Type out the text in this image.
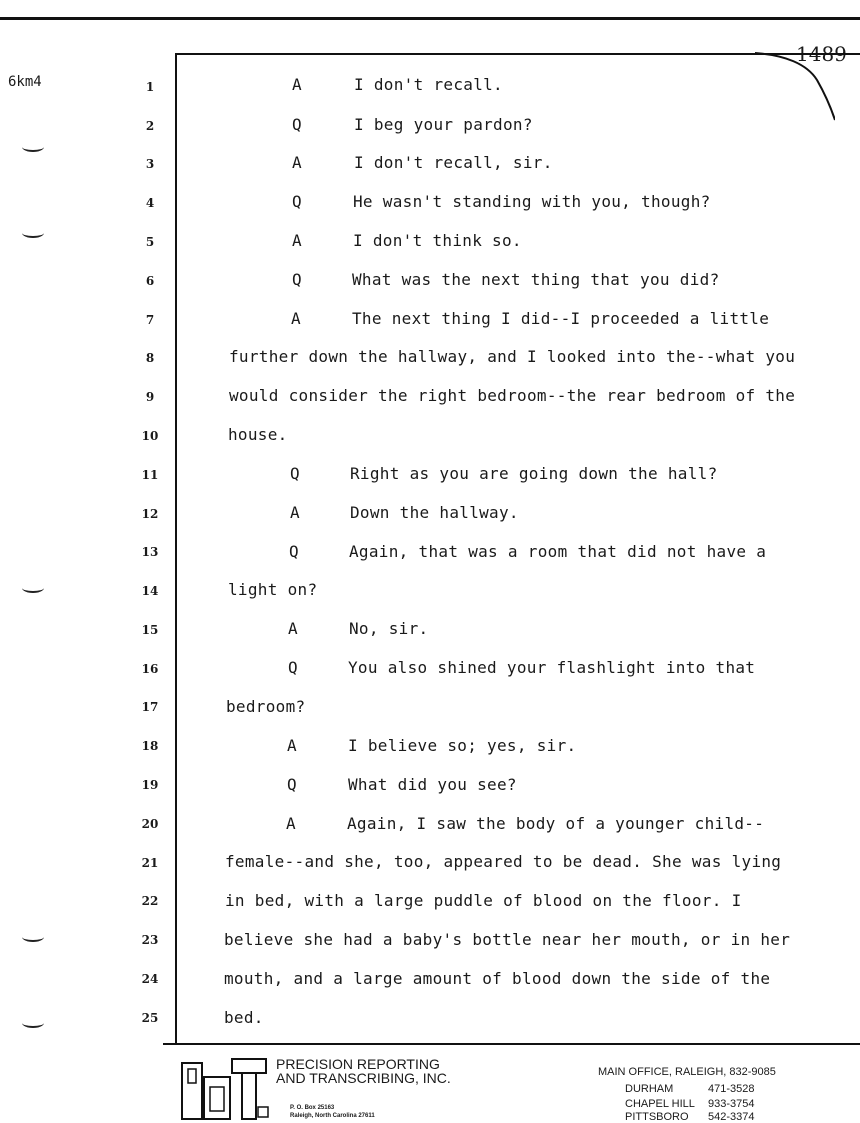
6km4
1489
1
2
3
4
5
6
7
8
9
10
11
12
13
14
15
16
17
18
19
20
21
22
23
24
25
A
Q
A
Q
A
Q
A
Q
A
Q
A
Q
A
Q
A
I don't recall.
I beg your pardon?
I don't recall, sir.
He wasn't standing with you, though?
I don't think so.
What was the next thing that you did?
The next thing I did--I proceeded a little
further down the hallway, and I looked into the--what you
would consider the right bedroom--the rear bedroom of the
house.
Right as you are going down the hall?
Down the hallway.
Again, that was a room that did not have a
light on?
No, sir.
You also shined your flashlight into that
bedroom?
I believe so; yes, sir.
What did you see?
Again, I saw the body of a younger child--
female--and she, too, appeared to be dead. She was lying
in bed, with a large puddle of blood on the floor. I
believe she had a baby's bottle near her mouth, or in her
mouth, and a large amount of blood down the side of the
bed.
PRECISION REPORTING
AND TRANSCRIBING, INC.
P. O. Box 25163
Raleigh, North Carolina 27611
MAIN OFFICE, RALEIGH, 832-9085
DURHAM	471-3528
CHAPEL HILL 933-3754
PITTSBORO 542-3374
